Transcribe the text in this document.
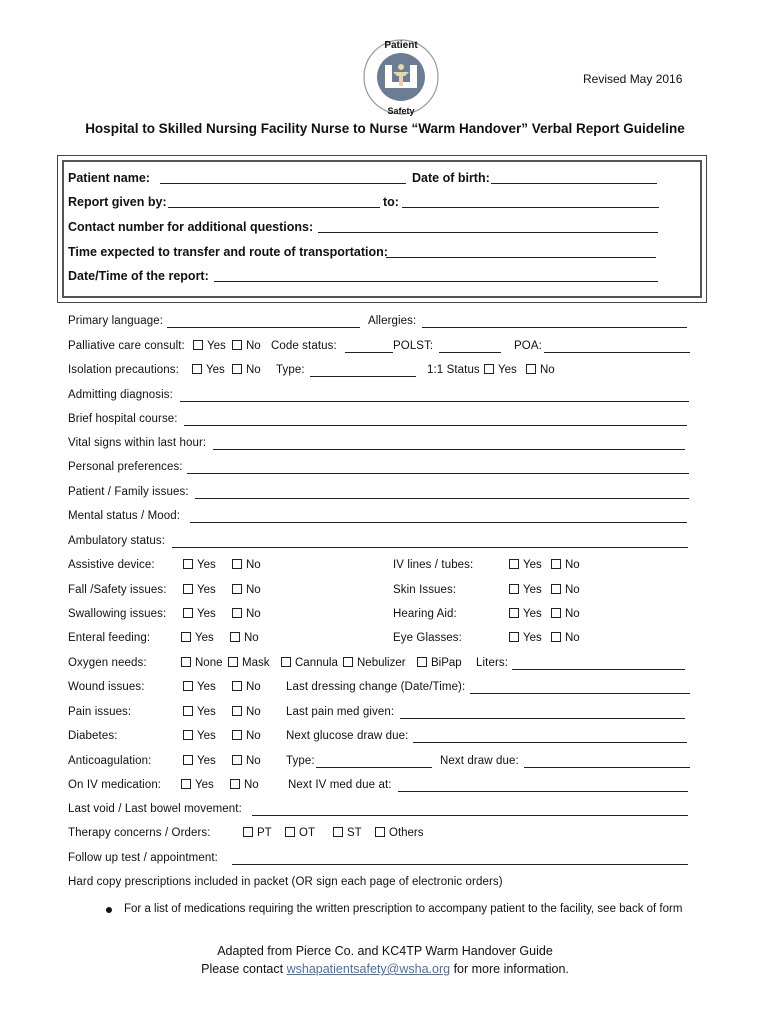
Patient
Safety
Revised May 2016
Hospital to Skilled Nursing Facility Nurse to Nurse “Warm Handover” Verbal Report Guideline
Patient name:	Date of birth:
Report given by:	to:
Contact number for additional questions:
Time expected to transfer and route of transportation:
Date/Time of the report:
Primary language:	Allergies:
Palliative care consult:	Yes	No Code status:	POLST:	POA:
Isolation precautions:	Yes	No Type:	1:1 Status	Yes	No
Admitting diagnosis:
Brief hospital course:
Vital signs within last hour:
Personal preferences:
Patient / Family issues:
Mental status / Mood:
Ambulatory status:
Assistive device:	Yes	No	IV lines / tubes:	Yes	No
Fall /Safety issues:	Yes	No	Skin Issues:	Yes	No
Swallowing issues:	Yes	No	Hearing Aid:	Yes	No
Enteral feeding:	Yes	No	Eye Glasses:	Yes	No
Oxygen needs:	None	Mask	Cannula	Nebulizer	BiPap Liters:
Wound issues:	Yes	No Last dressing change (Date/Time):
Pain issues:	Yes	No Last pain med given:
Diabetes:	Yes	No Next glucose draw due:
Anticoagulation:	Yes	No Type:	Next draw due:
On IV medication:	Yes	No	Next IV med due at:
Last void / Last bowel movement:
Therapy concerns / Orders:	PT	OT	ST	Others
Follow up test / appointment:
Hard copy prescriptions included in packet (OR sign each page of electronic orders)
For a list of medications requiring the written prescription to accompany patient to the facility, see back of form
Adapted from Pierce Co. and KC4TP Warm Handover Guide
Please contact wshapatientsafety@wsha.org for more information.
